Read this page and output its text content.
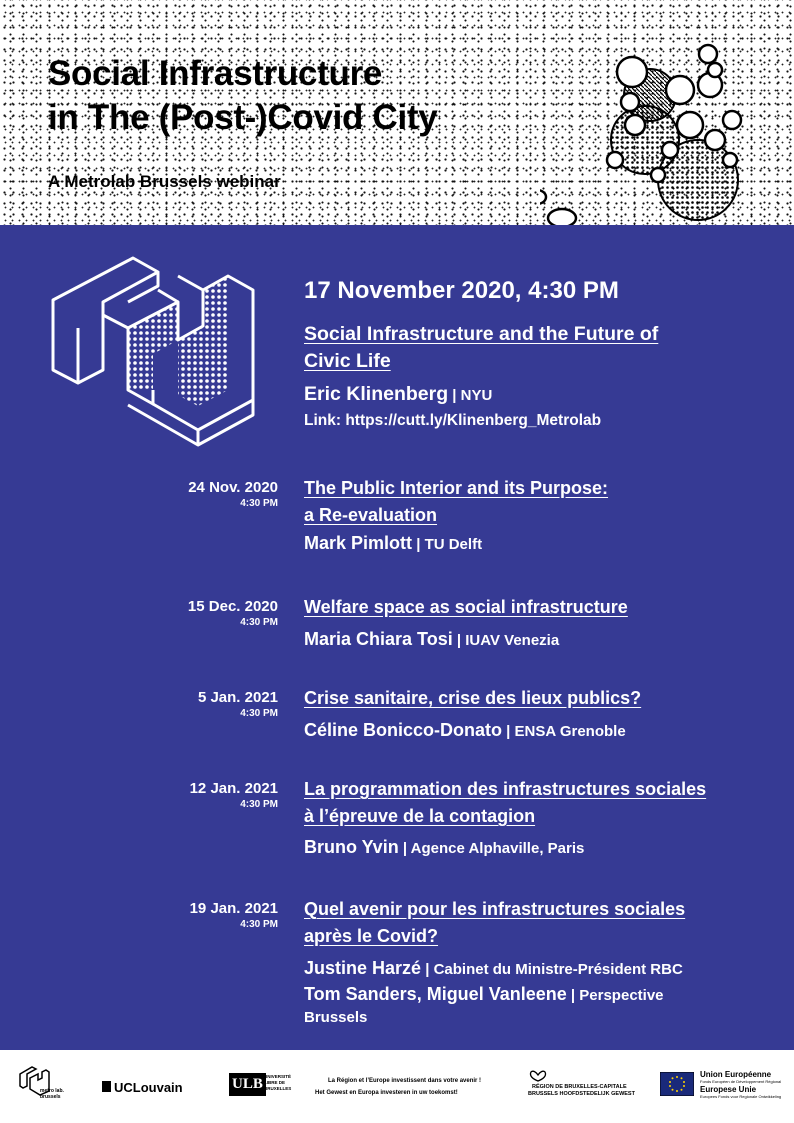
Social Infrastructure
in The (Post-)Covid City
A Metrolab Brussels webinar
17 November 2020, 4:30 PM
Social Infrastructure and the Future of
Civic Life
Eric Klinenberg | NYU
Link: https://cutt.ly/Klinenberg_Metrolab
24 Nov. 2020
4:30 PM
The Public Interior and its Purpose:
a Re-evaluation
Mark Pimlott | TU Delft
15 Dec. 2020
4:30 PM
Welfare space as social infrastructure
Maria Chiara Tosi | IUAV Venezia
5 Jan. 2021
4:30 PM
Crise sanitaire, crise des lieux publics?
Céline Bonicco-Donato | ENSA Grenoble
12 Jan. 2021
4:30 PM
La programmation des infrastructures sociales
à l’épreuve de la contagion
Bruno Yvin | Agence Alphaville, Paris
19 Jan. 2021
4:30 PM
Quel avenir pour les infrastructures sociales
après le Covid?
Justine Harzé | Cabinet du Ministre-Président RBC
Tom Sanders, Miguel Vanleene | Perspective
Brussels
metro lab. brussels
UCLouvain	ULB UNIVERSITÉ LIBRE DE BRUXELLES
La Région et l’Europe investissent dans votre avenir !
Het Gewest en Europa investeren in uw toekomst!
RÉGION DE BRUXELLES-CAPITALE
BRUSSELS HOOFDSTEDELIJK GEWEST
Union Européenne
Fonds Européen de Développement Régional
Europese Unie
Europees Fonds voor Regionale Ontwikkeling
